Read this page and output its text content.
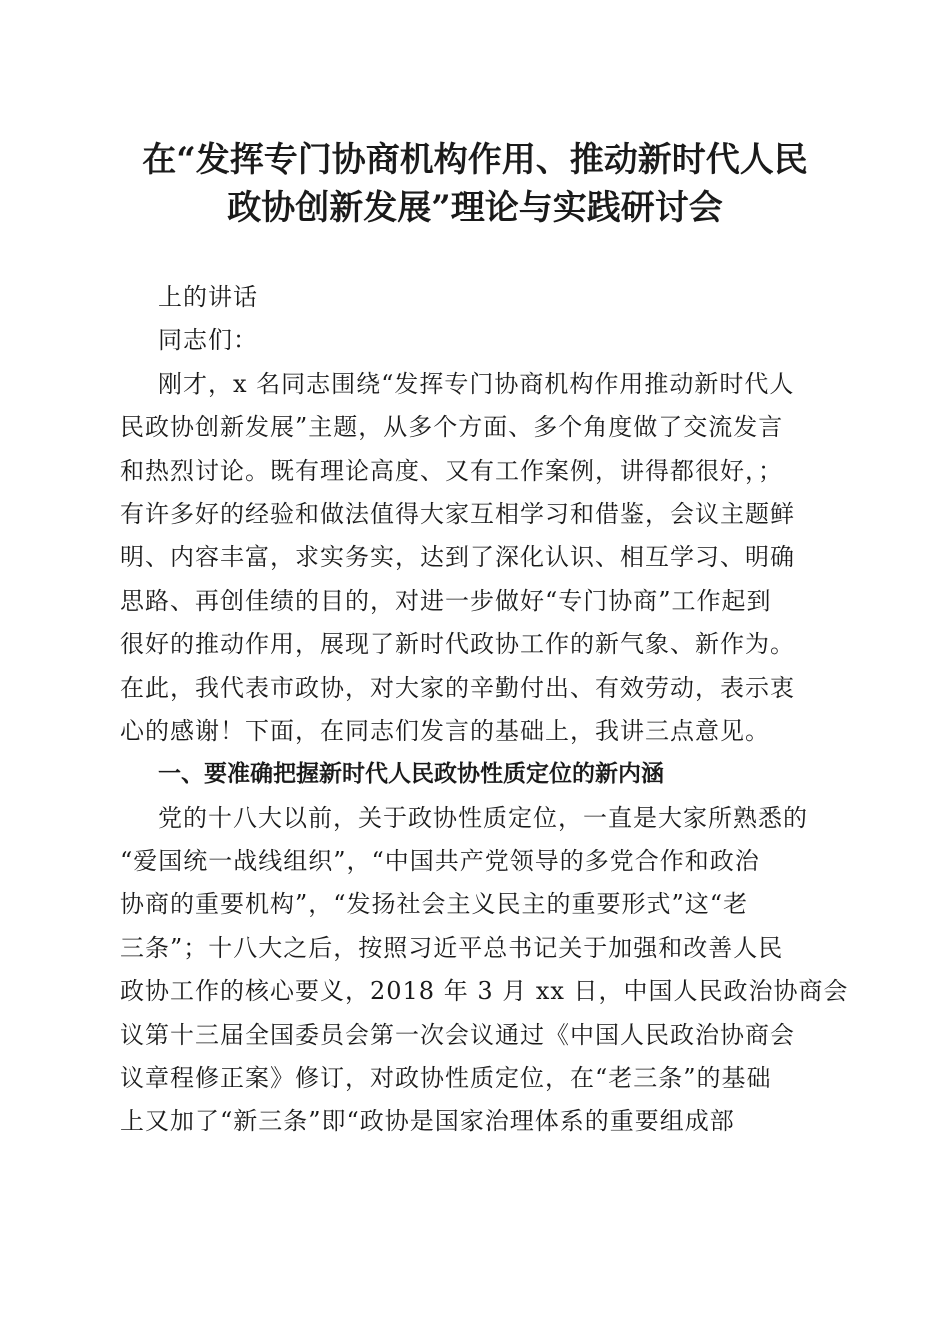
在“发挥专门协商机构作用、推动新时代人民
政协创新发展”理论与实践研讨会
上的讲话
同志们：
刚才，x 名同志围绕“发挥专门协商机构作用推动新时代人
民政协创新发展”主题，从多个方面、多个角度做了交流发言
和热烈讨论。既有理论高度、又有工作案例，讲得都很好，；
有许多好的经验和做法值得大家互相学习和借鉴，会议主题鲜
明、内容丰富，求实务实，达到了深化认识、相互学习、明确
思路、再创佳绩的目的，对进一步做好“专门协商”工作起到
很好的推动作用，展现了新时代政协工作的新气象、新作为。
在此，我代表市政协，对大家的辛勤付出、有效劳动，表示衷
心的感谢！下面，在同志们发言的基础上，我讲三点意见。
一、要准确把握新时代人民政协性质定位的新内涵
党的十八大以前，关于政协性质定位，一直是大家所熟悉的
“爱国统一战线组织”，“中国共产党领导的多党合作和政治
协商的重要机构”，“发扬社会主义民主的重要形式”这“老
三条”；十八大之后，按照习近平总书记关于加强和改善人民
政协工作的核心要义，2018 年 3 月 xx 日，中国人民政治协商会
议第十三届全国委员会第一次会议通过《中国人民政治协商会
议章程修正案》修订，对政协性质定位，在“老三条”的基础
上又加了“新三条”即“政协是国家治理体系的重要组成部
